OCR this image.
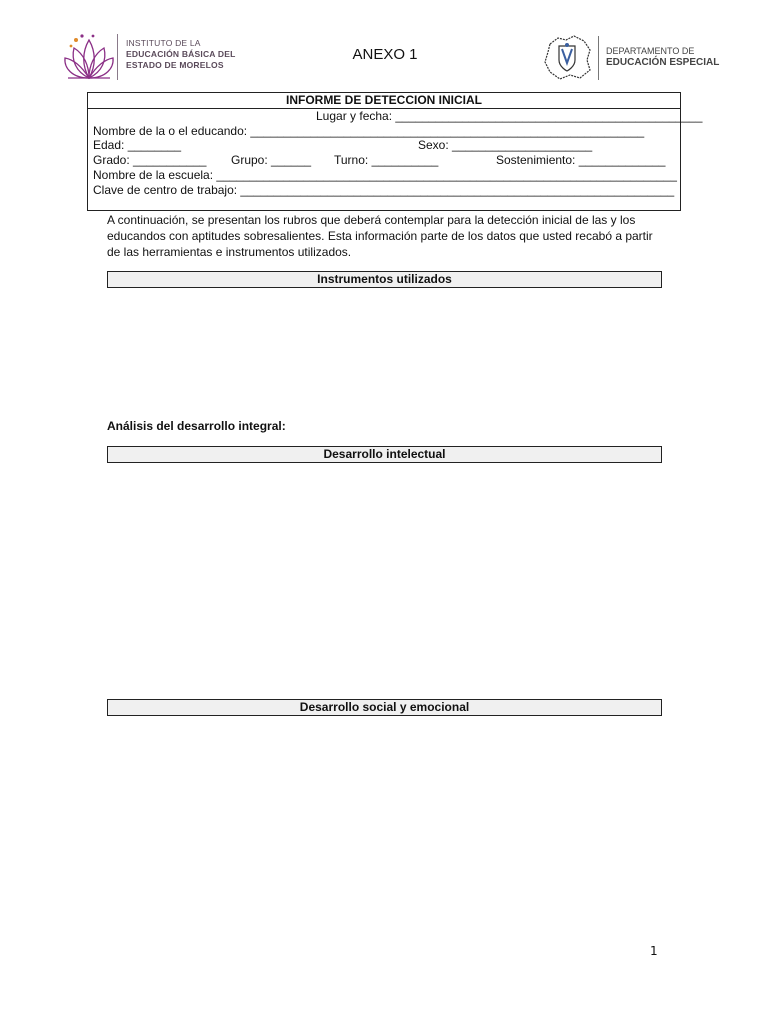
INSTITUTO DE LA
EDUCACIÓN BÁSICA DEL
ESTADO DE MORELOS
ANEXO 1	DEPARTAMENTO DE
EDUCACIÓN ESPECIAL
INFORME DE DETECCION INICIAL
Lugar y fecha: ______________________________________________
Nombre de la o el educando: ___________________________________________________________
Edad: ________	Sexo: _____________________
Grado: ___________ Grupo: ______ Turno: __________	Sostenimiento: _____________
Nombre de la escuela: _____________________________________________________________________
Clave de centro de trabajo: _________________________________________________________________
A continuación, se presentan los rubros que deberá contemplar para la detección inicial de las y los educandos con aptitudes sobresalientes. Esta información parte de los datos que usted recabó a partir de las herramientas e instrumentos utilizados.
Instrumentos utilizados
Análisis del desarrollo integral:
Desarrollo intelectual
Desarrollo social y emocional
1
